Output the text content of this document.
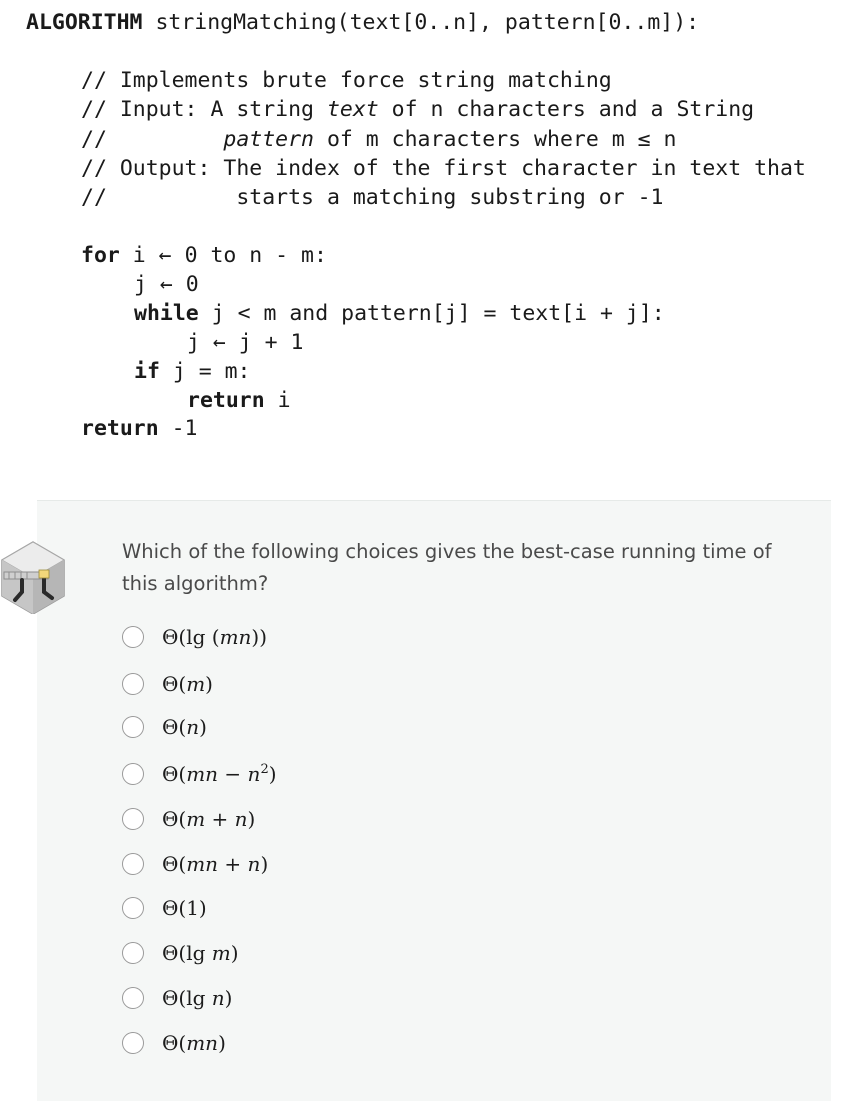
ALGORITHM stringMatching(text[0..n], pattern[0..m]):

// Implements brute force string matching

// Input: A string text of n characters and a String

//         pattern of m characters where m ≤ n

// Output: The index of the first character in text that

//          starts a matching substring or -1

for i ← 0 to n - m:

j ← 0

while j < m and pattern[j] = text[i + j]:

j ← j + 1

if j = m:

return i

return -1

Which of the following choices gives the best-case running time of this algorithm?
Θ(lg (mn))
Θ(m)
Θ(n)
$\Theta(mn - n^2)$
Θ(m + n)
Θ(mn + n)
Θ(1)
Θ(lg m)
Θ(lg n)
Θ(mn)
